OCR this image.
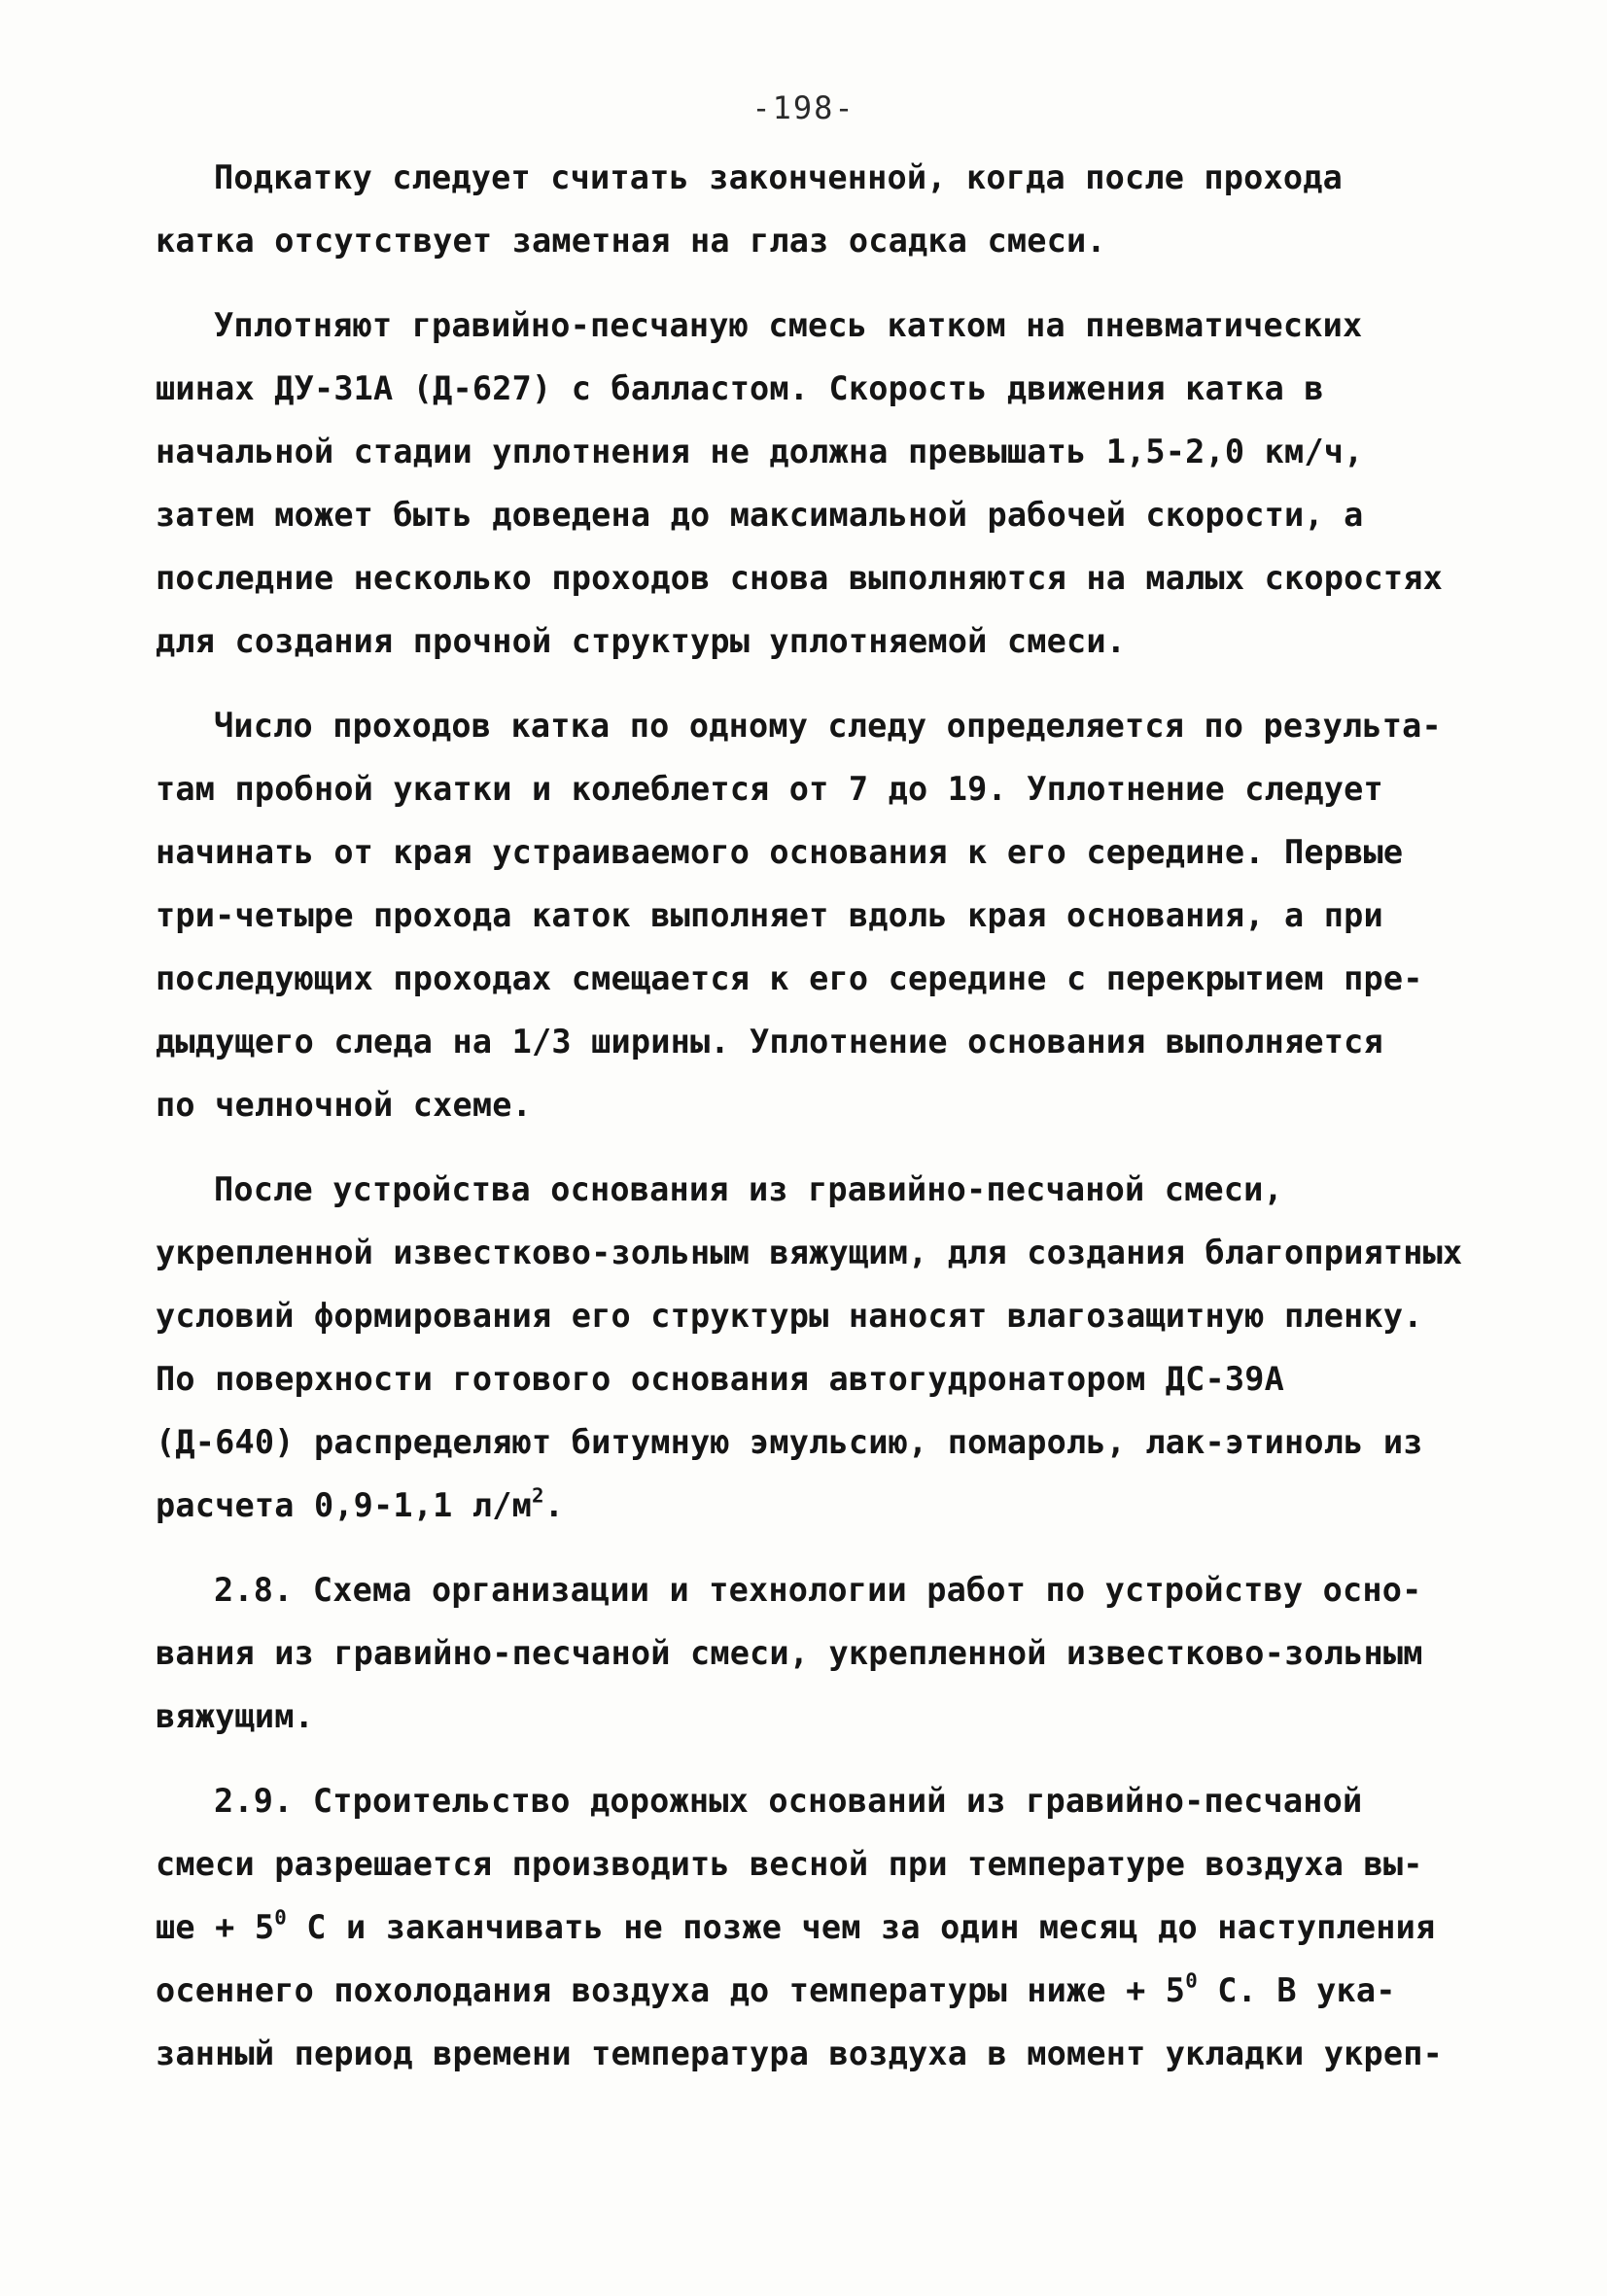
-198-
Подкатку следует считать законченной, когда после прохода
катка отсутствует заметная на глаз осадка смеси.
Уплотняют гравийно-песчаную смесь катком на пневматических
шинах ДУ-31А (Д-627) с балластом. Скорость движения катка в
начальной стадии уплотнения не должна превышать 1,5-2,0 км/ч,
затем может быть доведена до максимальной рабочей скорости, а
последние несколько проходов снова выполняются на малых скоростях
для создания прочной структуры уплотняемой смеси.
Число проходов катка по одному следу определяется по результа-
там пробной укатки и колеблется от 7 до 19. Уплотнение следует
начинать от края устраиваемого основания к его середине. Первые
три-четыре прохода каток выполняет вдоль края основания, а при
последующих проходах смещается к его середине с перекрытием пре-
дыдущего следа на 1/3 ширины. Уплотнение основания выполняется
по челночной схеме.
После устройства основания из гравийно-песчаной смеси,
укрепленной известково-зольным вяжущим, для создания благоприятных
условий формирования его структуры наносят влагозащитную пленку.
По поверхности готового основания автогудронатором ДС-39А
(Д-640) распределяют битумную эмульсию, помароль, лак-этиноль из
расчета 0,9-1,1 $л/м^2$.
2.8. Схема организации и технологии работ по устройству осно-
вания из гравийно-песчаной смеси, укрепленной известково-зольным
вяжущим.
2.9. Строительство дорожных оснований из гравийно-песчаной
смеси разрешается производить весной при температуре воздуха вы-
ше + $5^0$ С и заканчивать не позже чем за один месяц до наступления
осеннего похолодания воздуха до температуры ниже + $5^0$ С. В ука-
занный период времени температура воздуха в момент укладки укреп-
